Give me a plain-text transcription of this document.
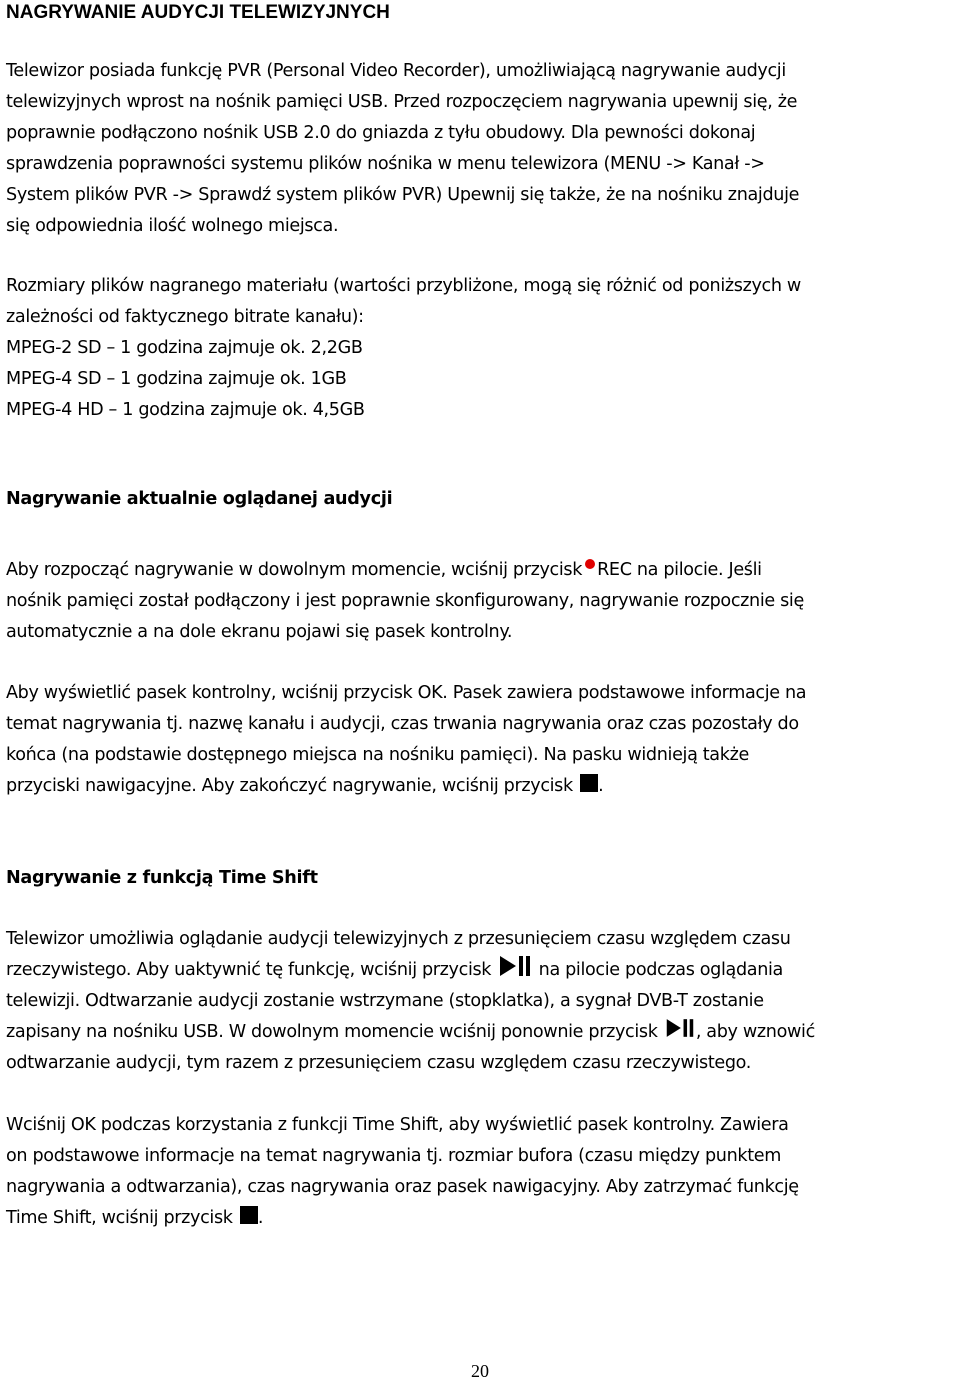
NAGRYWANIE AUDYCJI TELEWIZYJNYCH
Telewizor posiada funkcję PVR (Personal Video Recorder), umożliwiającą nagrywanie audycji
telewizyjnych wprost na nośnik pamięci USB. Przed rozpoczęciem nagrywania upewnij się, że
poprawnie podłączono nośnik USB 2.0 do gniazda z tyłu obudowy. Dla pewności dokonaj
sprawdzenia poprawności systemu plików nośnika w menu telewizora (MENU -> Kanał ->
System plików PVR -> Sprawdź system plików PVR) Upewnij się także, że na nośniku znajduje
się odpowiednia ilość wolnego miejsca.
Rozmiary plików nagranego materiału (wartości przybliżone, mogą się różnić od poniższych w
zależności od faktycznego bitrate kanału):
MPEG-2 SD – 1 godzina zajmuje ok. 2,2GB
MPEG-4 SD – 1 godzina zajmuje ok. 1GB
MPEG-4 HD – 1 godzina zajmuje ok. 4,5GB
Nagrywanie aktualnie oglądanej audycji
Aby rozpocząć nagrywanie w dowolnym momencie, wciśnij przycisk REC na pilocie. Jeśli
nośnik pamięci został podłączony i jest poprawnie skonfigurowany, nagrywanie rozpocznie się
automatycznie a na dole ekranu pojawi się pasek kontrolny.
Aby wyświetlić pasek kontrolny, wciśnij przycisk OK. Pasek zawiera podstawowe informacje na
temat nagrywania tj. nazwę kanału i audycji, czas trwania nagrywania oraz czas pozostały do
końca (na podstawie dostępnego miejsca na nośniku pamięci). Na pasku widnieją także
przyciski nawigacyjne. Aby zakończyć nagrywanie, wciśnij przycisk .
Nagrywanie z funkcją Time Shift
Telewizor umożliwia oglądanie audycji telewizyjnych z przesunięciem czasu względem czasu
rzeczywistego. Aby uaktywnić tę funkcję, wciśnij przycisk	na pilocie podczas oglądania
telewizji. Odtwarzanie audycji zostanie wstrzymane (stopklatka), a sygnał DVB-T zostanie
zapisany na nośniku USB. W dowolnym momencie wciśnij ponownie przycisk , aby wznowić
odtwarzanie audycji, tym razem z przesunięciem czasu względem czasu rzeczywistego.
Wciśnij OK podczas korzystania z funkcji Time Shift, aby wyświetlić pasek kontrolny. Zawiera
on podstawowe informacje na temat nagrywania tj. rozmiar bufora (czasu między punktem
nagrywania a odtwarzania), czas nagrywania oraz pasek nawigacyjny. Aby zatrzymać funkcję
Time Shift, wciśnij przycisk .
20
